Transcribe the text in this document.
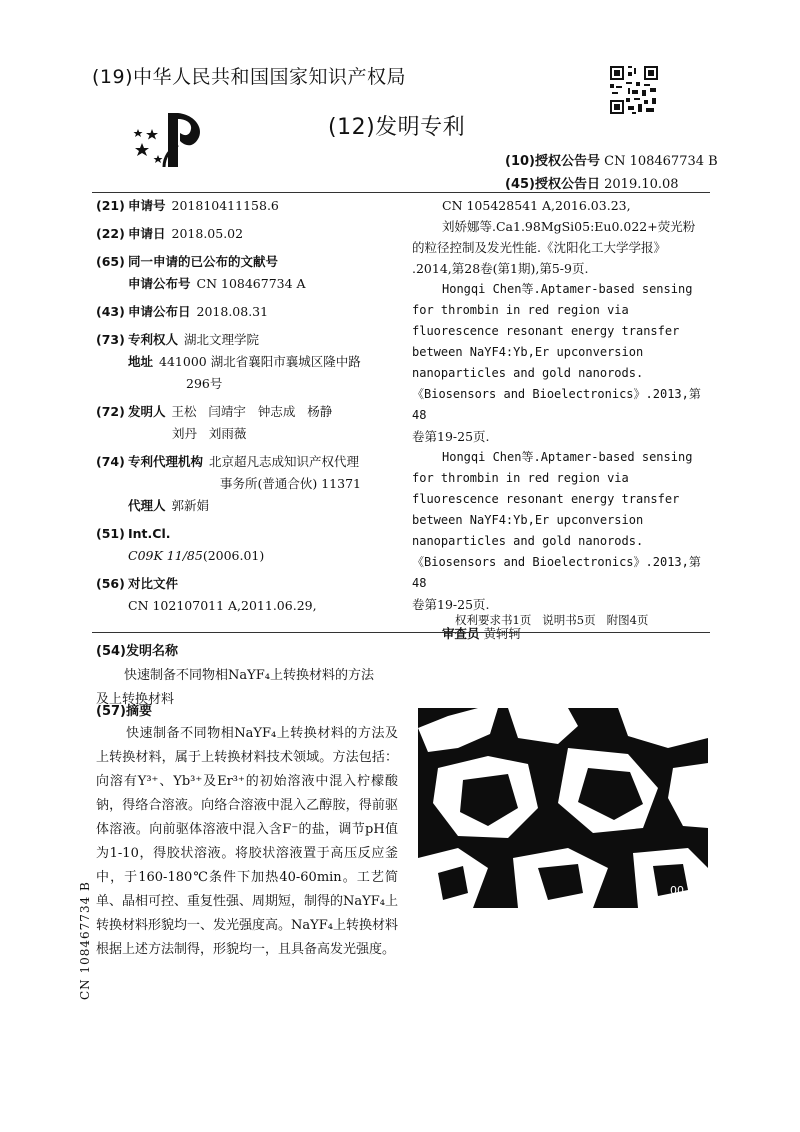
(19)中华人民共和国国家知识产权局
(12)发明专利
(10)授权公告号 CN 108467734 B
(45)授权公告日 2019.10.08
(21) 申请号 201810411158.6
(22) 申请日 2018.05.02
(65) 同一申请的已公布的文献号
申请公布号 CN 108467734 A
(43) 申请公布日 2018.08.31
(73) 专利权人 湖北文理学院
地址 441000 湖北省襄阳市襄城区隆中路
296号
(72) 发明人 王松   闫靖宇   钟志成   杨静
刘丹   刘雨薇
(74) 专利代理机构 北京超凡志成知识产权代理
事务所(普通合伙) 11371
代理人 郭新娟
(51) Int.Cl.
C09K 11/85 (2006.01)
(56) 对比文件
CN 102107011 A,2011.06.29,

CN 105428541 A,2016.03.23,

刘娇娜等.Ca1.98MgSi05:Eu0.022+荧光粉

的粒径控制及发光性能.《沈阳化工大学学报》

.2014,第28卷(第1期),第5-9页.

Hongqi Chen等.Aptamer-based sensing

for thrombin in red region via

fluorescence resonant energy transfer

between NaYF4:Yb,Er upconversion

nanoparticles and gold nanorods.

《Biosensors and Bioelectronics》.2013,第48

卷第19-25页.

Hongqi Chen等.Aptamer-based sensing

for thrombin in red region via

fluorescence resonant energy transfer

between NaYF4:Yb,Er upconversion

nanoparticles and gold nanorods.

《Biosensors and Bioelectronics》.2013,第48

卷第19-25页.

审查员 黄轲轲

权利要求书1页   说明书5页   附图4页
(54)发明名称
快速制备不同物相NaYF₄上转换材料的方法
及上转换材料
(57)摘要

快速制备不同物相NaYF₄上转换材料的方法及上转换材料，属于上转换材料技术领域。方法包括：向溶有Y³⁺、Yb³⁺及Er³⁺的初始溶液中混入柠檬酸钠，得络合溶液。向络合溶液中混入乙醇胺，得前驱体溶液。向前驱体溶液中混入含F⁻的盐，调节pH值为1-10，得胶状溶液。将胶状溶液置于高压反应釜中，于160-180℃条件下加热40-60min。工艺简单、晶相可控、重复性强、周期短，制得的NaYF₄上转换材料形貌均一、发光强度高。NaYF₄上转换材料根据上述方法制得，形貌均一，且具备高发光强度。

00 nm
CN 108467734 B
